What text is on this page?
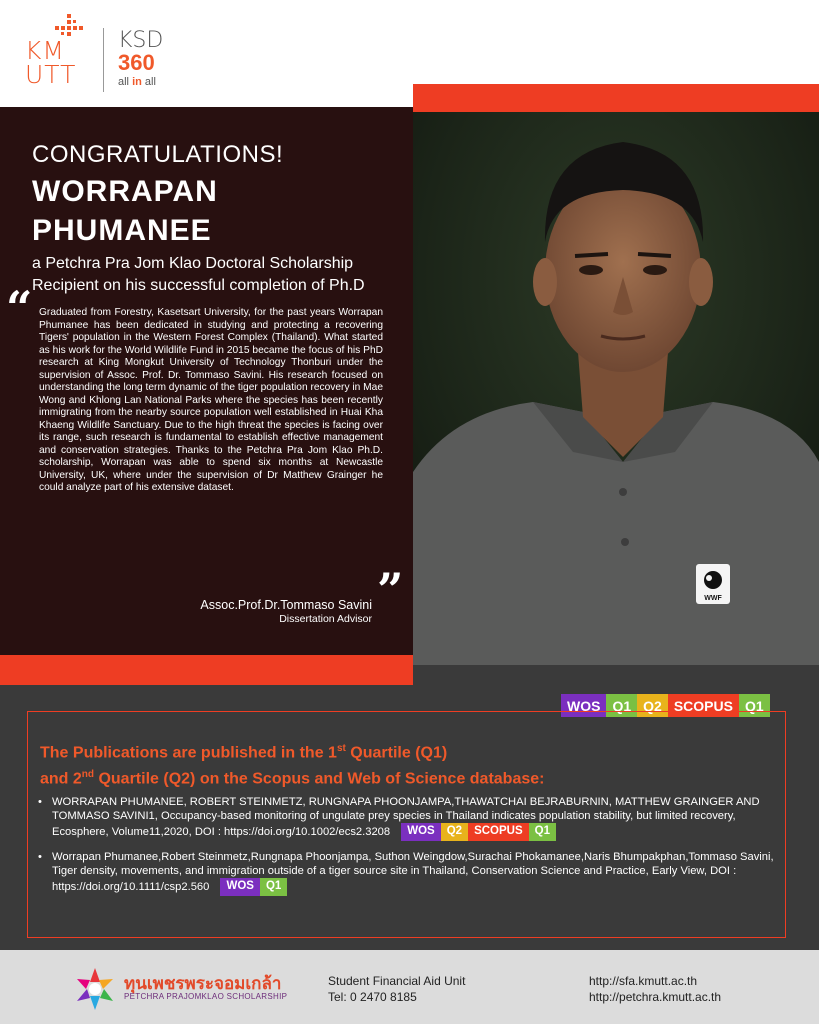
KM
UTT
KSD
360
all in all
CONGRATULATIONS!
WORRAPAN PHUMANEE
a Petchra Pra Jom Klao Doctoral Scholarship Recipient on his successful completion of Ph.D
“ Graduated from Forestry, Kasetsart University, for the past years Worrapan Phumanee has been dedicated in studying and protecting a recovering Tigers' population in the Western Forest Complex (Thailand). What started as his work for the World Wildlife Fund in 2015 became the focus of his PhD research at King Mongkut University of Technology Thonburi under the supervision of Assoc. Prof. Dr. Tommaso Savini. His research focused on understanding the long term dynamic of the tiger population recovery in Mae Wong and Khlong Lan National Parks where the species has been recently immigrating from the nearby source population well established in Huai Kha Khaeng Wildlife Sanctuary. Due to the high threat the species is facing over its range, such research is fundamental to establish effective management and conservation strategies. Thanks to the Petchra Pra Jom Klao Ph.D. scholarship, Worrapan was able to spend six months at Newcastle University, UK, where under the supervision of Dr Matthew Grainger he could analyze part of his extensive dataset.
”
Assoc.Prof.Dr.Tommaso Savini
Dissertation Advisor
WWF
WOS Q1 Q2 SCOPUS Q1
The Publications are published in the 1st Quartile (Q1)
and 2nd Quartile (Q2) on the Scopus and Web of Science database:
• WORRAPAN PHUMANEE, ROBERT STEINMETZ, RUNGNAPA PHOONJAMPA,THAWATCHAI BEJRABURNIN, MATTHEW GRAINGER AND TOMMASO SAVINI1, Occupancy-based monitoring of ungulate prey species in Thailand indicates population stability, but limited recovery, Ecosphere, Volume11,2020, DOI : https://doi.org/10.1002/ecs2.3208	WOS	Q2	SCOPUS	Q1
• Worrapan Phumanee,Robert Steinmetz,Rungnapa Phoonjampa, Suthon Weingdow,Surachai Phokamanee,Naris Bhumpakphan,Tommaso Savini, Tiger density, movements, and immigration outside of a tiger source site in Thailand, Conservation Science and Practice, Early View, DOI : https://doi.org/10.1111/csp2.560	WOS	Q1
ทุนเพชรพระจอมเกล้า
PETCHRA PRAJOMKLAO SCHOLARSHIP
Student Financial Aid Unit
Tel: 0 2470 8185
http://sfa.kmutt.ac.th
http://petchra.kmutt.ac.th
